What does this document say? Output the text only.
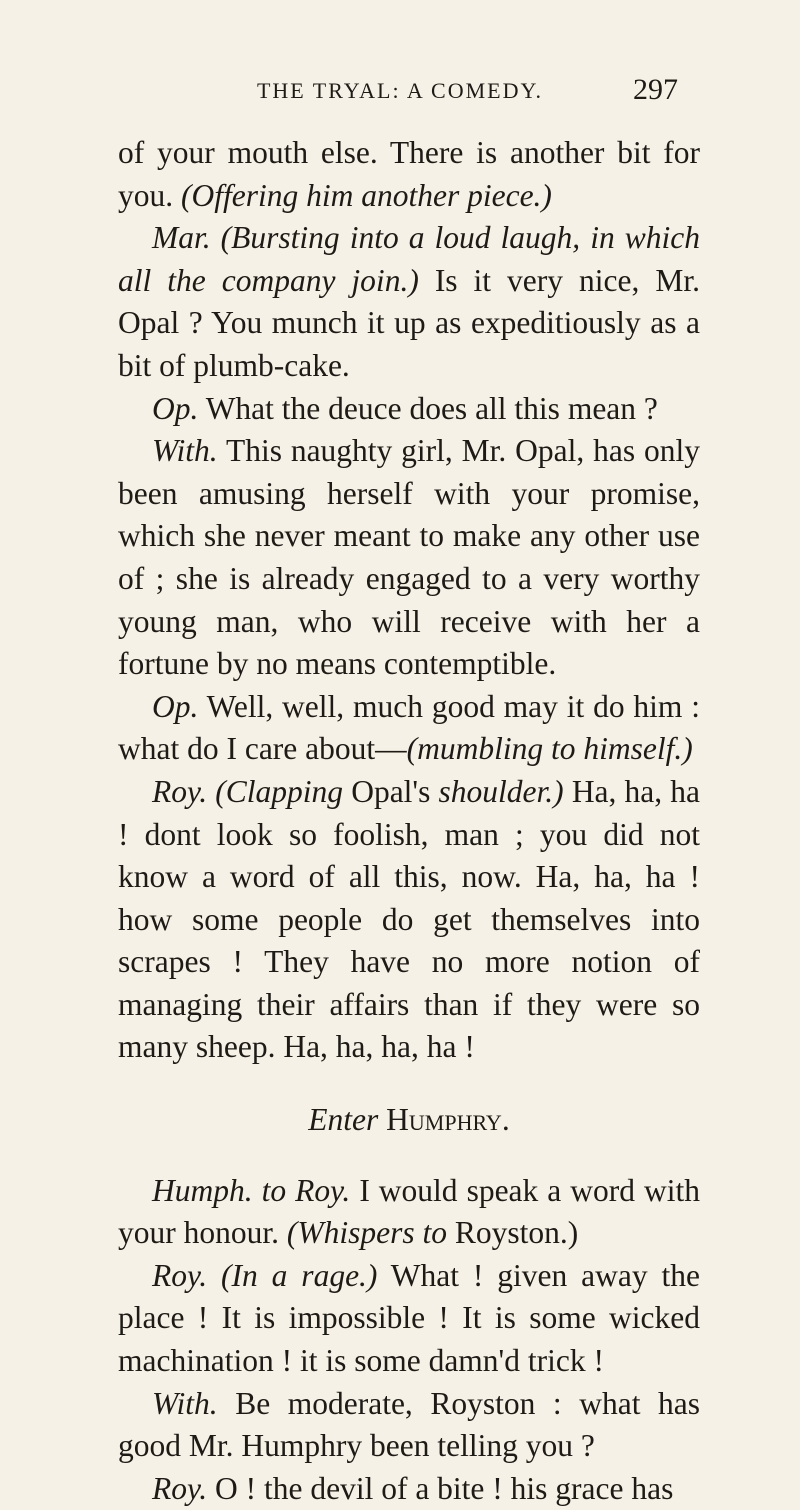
THE TRYAL: A COMEDY.	297

of your mouth else. There is another bit for you. (Offering him another piece.)

Mar. (Bursting into a loud laugh, in which all the company join.) Is it very nice, Mr. Opal ? You munch it up as expeditiously as a bit of plumb-cake.

Op. What the deuce does all this mean ?

With. This naughty girl, Mr. Opal, has only been amusing herself with your promise, which she never meant to make any other use of ; she is already engaged to a very worthy young man, who will receive with her a fortune by no means contemptible.

Op. Well, well, much good may it do him : what do I care about—(mumbling to himself.)

Roy. (Clapping Opal's shoulder.) Ha, ha, ha ! dont look so foolish, man ; you did not know a word of all this, now. Ha, ha, ha ! how some people do get themselves into scrapes ! They have no more notion of managing their affairs than if they were so many sheep. Ha, ha, ha, ha !

Enter Humphry.

Humph. to Roy. I would speak a word with your honour. (Whispers to Royston.)

Roy. (In a rage.) What ! given away the place ! It is impossible ! It is some wicked machination ! it is some damn'd trick !

With. Be moderate, Royston : what has good Mr. Humphry been telling you ?

Roy. O ! the devil of a bite ! his grace has
